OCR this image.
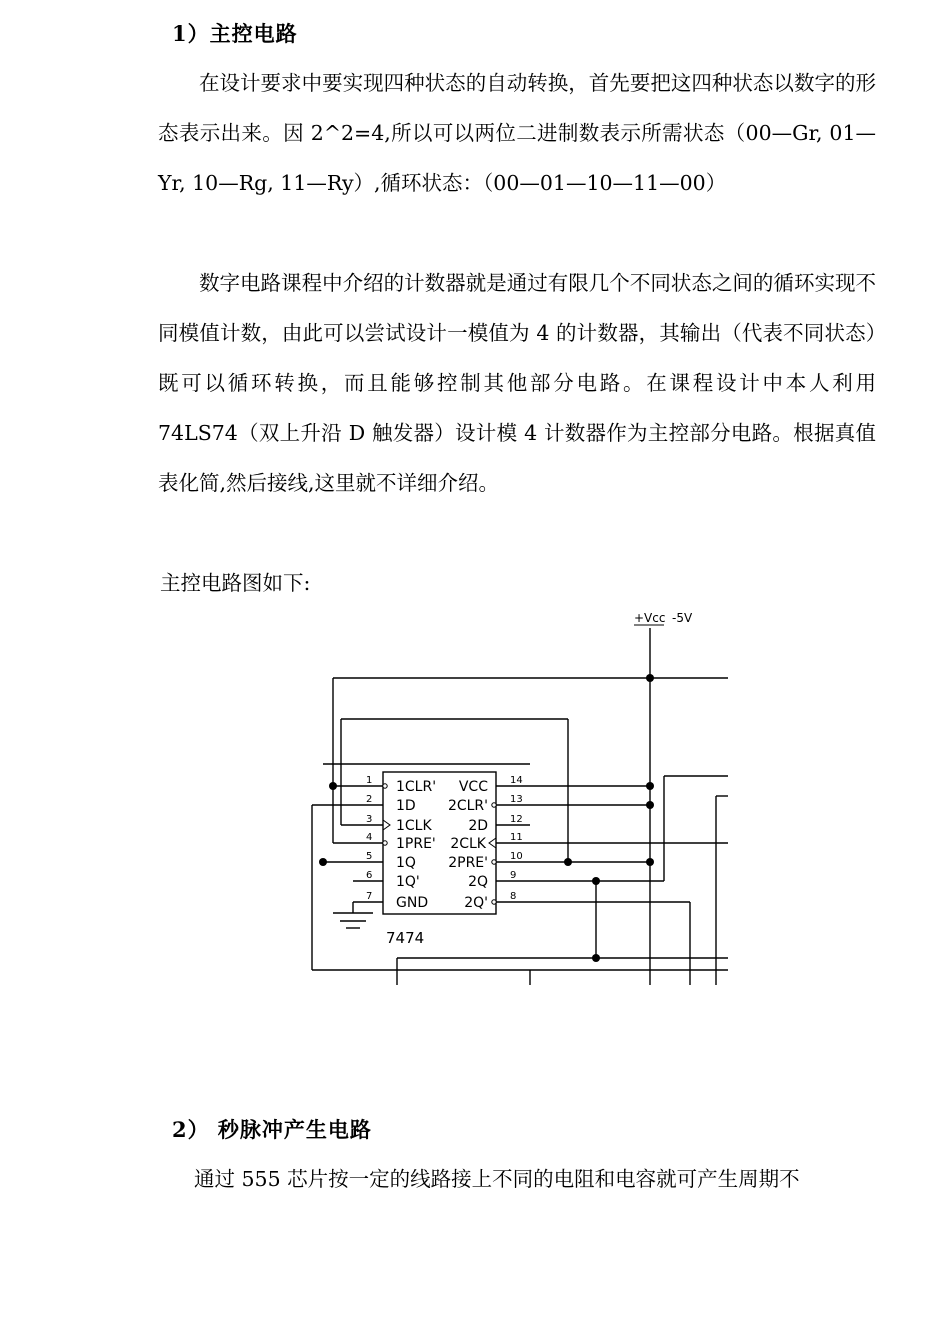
1）主控电路

在设计要求中要实现四种状态的自动转换，首先要把这四种状态以数字的形态表示出来。因 2^2=4,所以可以两位二进制数表示所需状态（00—Gr, 01—Yr, 10—Rg, 11—Ry）,循环状态：（00—01—10—11—00）

数字电路课程中介绍的计数器就是通过有限几个不同状态之间的循环实现不同模值计数，由此可以尝试设计一模值为 4 的计数器，其输出（代表不同状态）既可以循环转换，而且能够控制其他部分电路。在课程设计中本人利用 74LS74（双上升沿 D 触发器）设计模 4 计数器作为主控部分电路。根据真值表化简,然后接线,这里就不详细介绍。

主控电路图如下:
+Vcc -5V
1 1CLR'
2 1D
3 1CLK
4 1PRE'
5 1Q
6 1Q'
7 GND
VCC 14
2CLR' 13
2D 12
2CLK 11
2PRE' 10
2Q 9
2Q' 8
7474
2） 秒脉冲产生电路

通过 555 芯片按一定的线路接上不同的电阻和电容就可产生周期不
